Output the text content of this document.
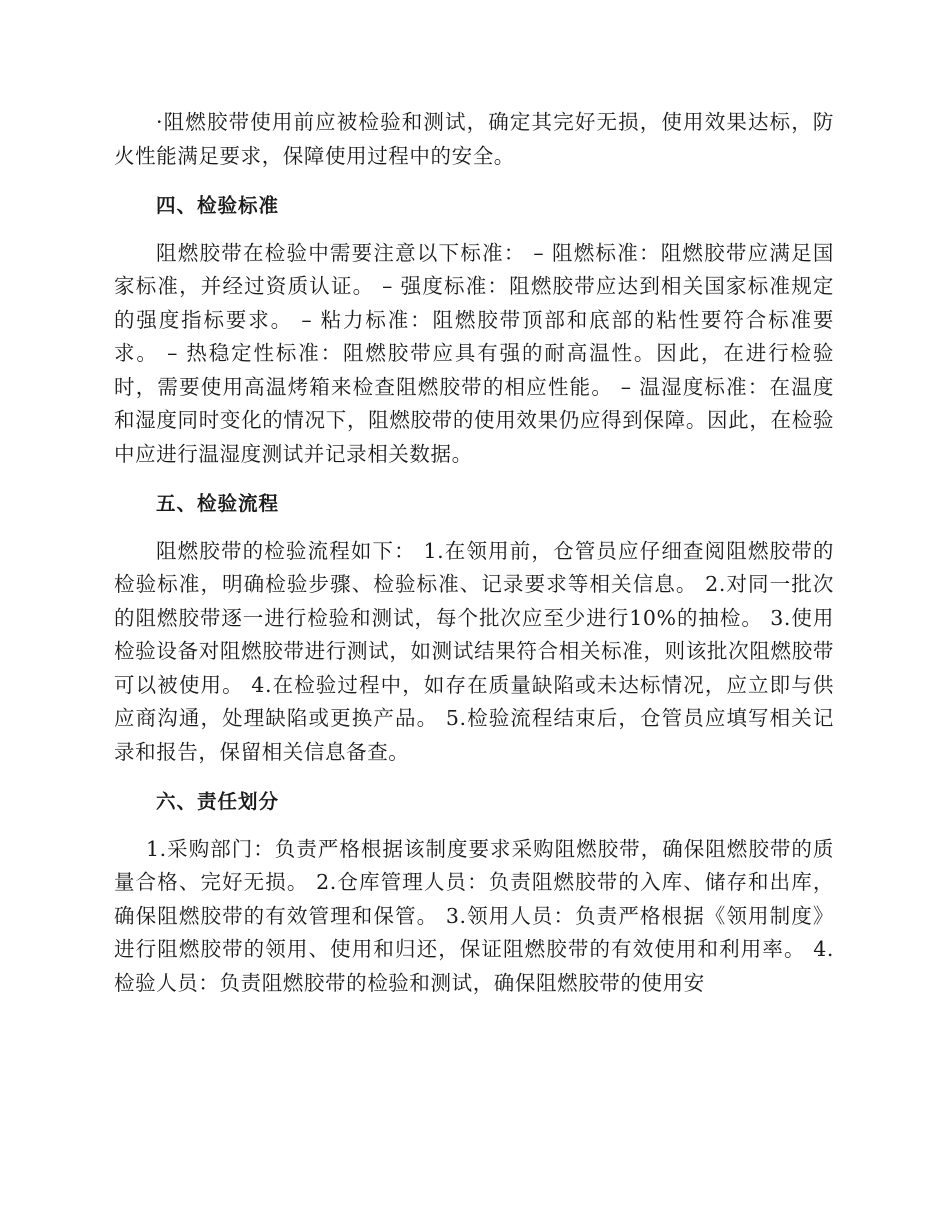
·阻燃胶带使用前应被检验和测试，确定其完好无损，使用效果达标，防火性能满足要求，保障使用过程中的安全。

四、检验标准

阻燃胶带在检验中需要注意以下标准： – 阻燃标准：阻燃胶带应满足国家标准，并经过资质认证。 – 强度标准：阻燃胶带应达到相关国家标准规定的强度指标要求。 – 粘力标准：阻燃胶带顶部和底部的粘性要符合标准要求。 – 热稳定性标准：阻燃胶带应具有强的耐高温性。因此，在进行检验时，需要使用高温烤箱来检查阻燃胶带的相应性能。 – 温湿度标准：在温度和湿度同时变化的情况下，阻燃胶带的使用效果仍应得到保障。因此，在检验中应进行温湿度测试并记录相关数据。

五、检验流程

阻燃胶带的检验流程如下： 1.在领用前，仓管员应仔细查阅阻燃胶带的检验标准，明确检验步骤、检验标准、记录要求等相关信息。 2.对同一批次的阻燃胶带逐一进行检验和测试，每个批次应至少进行10%的抽检。 3.使用检验设备对阻燃胶带进行测试，如测试结果符合相关标准，则该批次阻燃胶带可以被使用。 4.在检验过程中，如存在质量缺陷或未达标情况，应立即与供应商沟通，处理缺陷或更换产品。 5.检验流程结束后，仓管员应填写相关记录和报告，保留相关信息备查。

六、责任划分

1.采购部门：负责严格根据该制度要求采购阻燃胶带，确保阻燃胶带的质量合格、完好无损。 2.仓库管理人员：负责阻燃胶带的入库、储存和出库，确保阻燃胶带的有效管理和保管。 3.领用人员：负责严格根据《领用制度》进行阻燃胶带的领用、使用和归还，保证阻燃胶带的有效使用和利用率。 4.检验人员：负责阻燃胶带的检验和测试，确保阻燃胶带的使用安
